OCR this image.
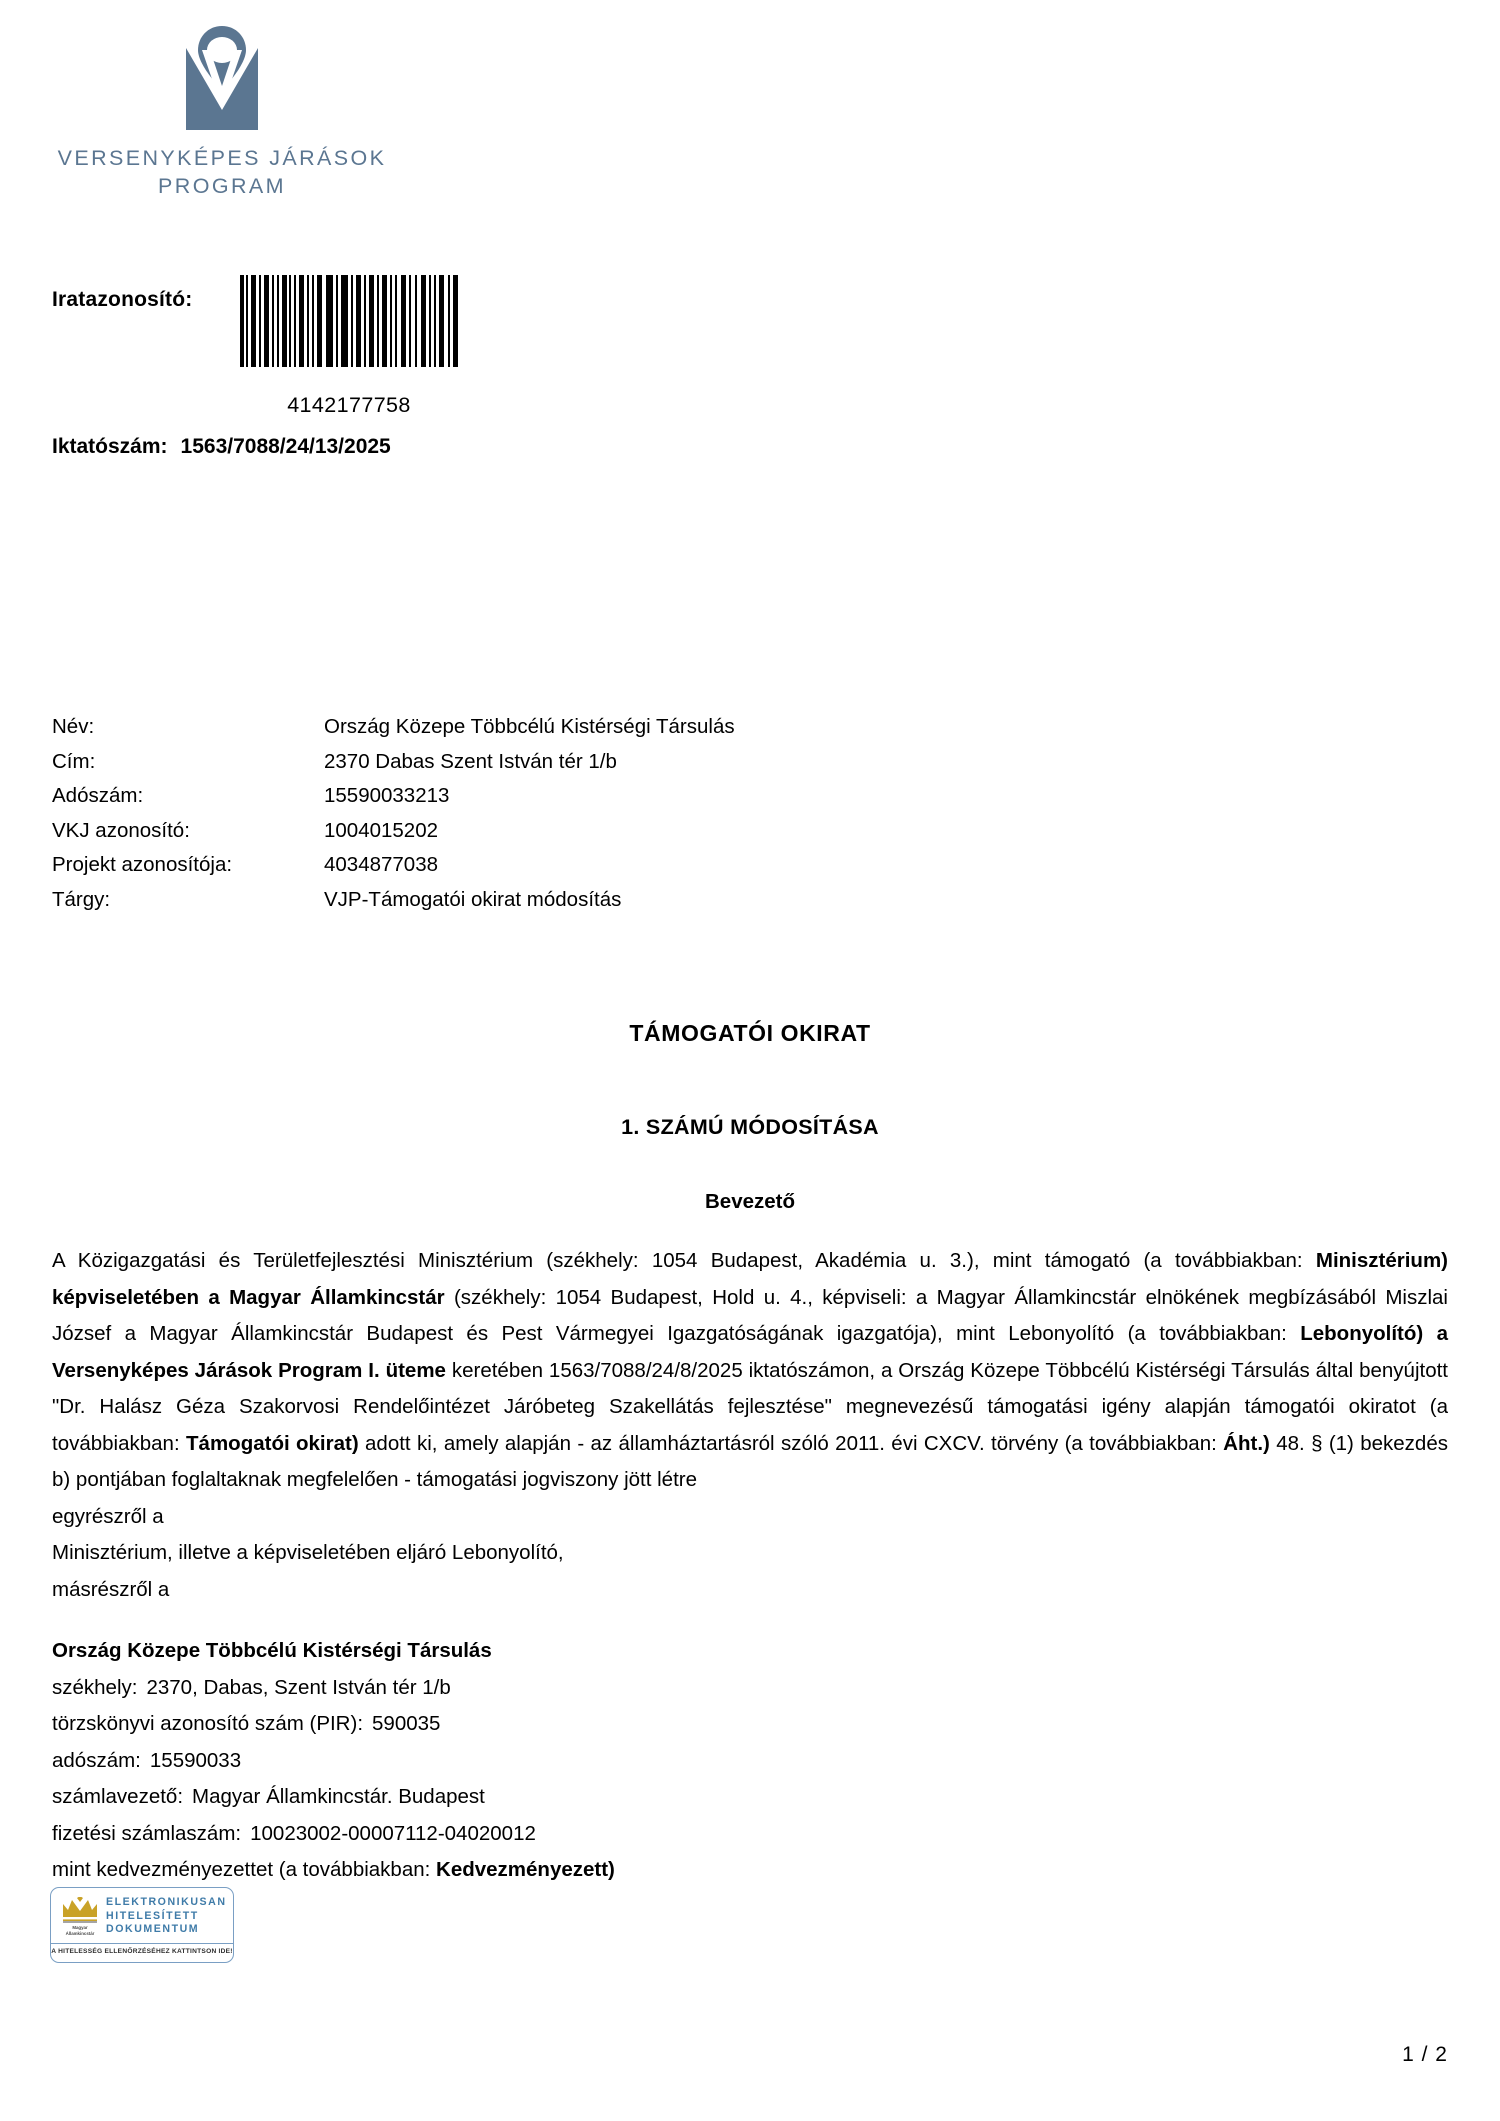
VERSENYKÉPES JÁRÁSOK
PROGRAM
Iratazonosító:
4142177758
Iktatószám: 1563/7088/24/13/2025
Név:	Ország Közepe Többcélú Kistérségi Társulás
Cím:	2370 Dabas Szent István tér 1/b
Adószám:	15590033213
VKJ azonosító:	1004015202
Projekt azonosítója:	4034877038
Tárgy:	VJP-Támogatói okirat módosítás
TÁMOGATÓI OKIRAT
1. SZÁMÚ MÓDOSÍTÁSA
Bevezető

A Közigazgatási és Területfejlesztési Minisztérium (székhely: 1054 Budapest, Akadémia u. 3.), mint támogató (a továbbiakban: Minisztérium) képviseletében a Magyar Államkincstár (székhely: 1054 Budapest, Hold u. 4., képviseli: a Magyar Államkincstár elnökének megbízásából Miszlai József a Magyar Államkincstár Budapest és Pest Vármegyei Igazgatóságának igazgatója), mint Lebonyolító (a továbbiakban: Lebonyolító) a Versenyképes Járások Program I. üteme keretében 1563/7088/24/8/2025 iktatószámon, a Ország Közepe Többcélú Kistérségi Társulás által benyújtott "Dr. Halász Géza Szakorvosi Rendelőintézet Járóbeteg Szakellátás fejlesztése" megnevezésű támogatási igény alapján támogatói okiratot (a továbbiakban: Támogatói okirat) adott ki, amely alapján - az államháztartásról szóló 2011. évi CXCV. törvény (a továbbiakban: Áht.) 48. § (1) bekezdés b) pontjában foglaltaknak megfelelően - támogatási jogviszony jött létre

egyrészről a
Minisztérium, illetve a képviseletében eljáró Lebonyolító,
másrészről a
Ország Közepe Többcélú Kistérségi Társulás
székhely: 2370, Dabas, Szent István tér 1/b
törzskönyvi azonosító szám (PIR): 590035
adószám: 15590033
számlavezető: Magyar Államkincstár. Budapest
fizetési számlaszám: 10023002-00007112-04020012
mint kedvezményezettet (a továbbiakban: Kedvezményezett)
Magyar
Államkincstár
ELEKTRONIKUSAN
HITELESÍTETT
DOKUMENTUM
A HITELESSÉG ELLENŐRZÉSÉHEZ KATTINTSON IDE!
1 / 2
